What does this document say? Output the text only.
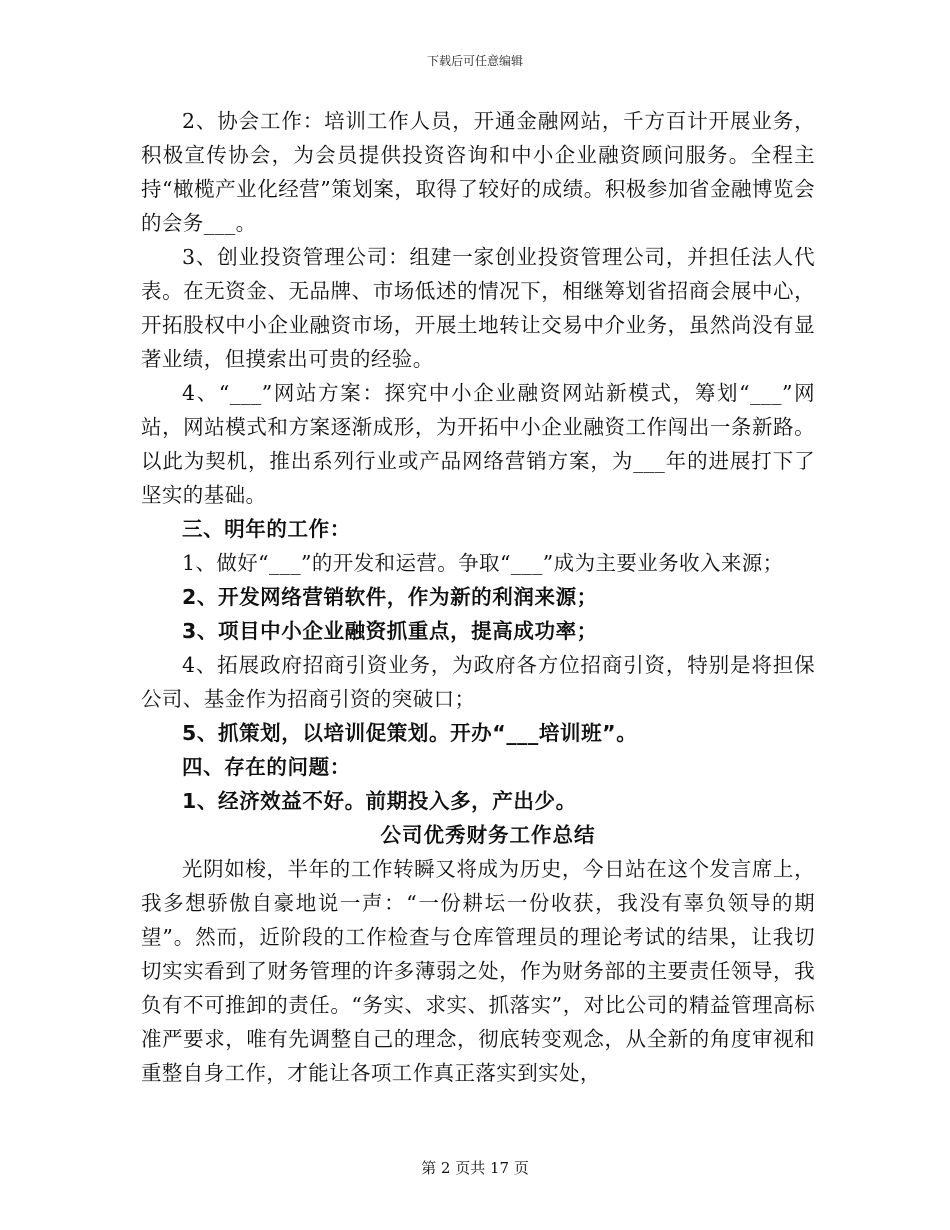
下载后可任意编辑

2、协会工作：培训工作人员，开通金融网站，千方百计开展业务，积极宣传协会，为会员提供投资咨询和中小企业融资顾问服务。全程主持“橄榄产业化经营”策划案，取得了较好的成绩。积极参加省金融博览会的会务___。

3、创业投资管理公司：组建一家创业投资管理公司，并担任法人代表。在无资金、无品牌、市场低述的情况下，相继筹划省招商会展中心，开拓股权中小企业融资市场，开展土地转让交易中介业务，虽然尚没有显著业绩，但摸索出可贵的经验。

4、“___”网站方案：探究中小企业融资网站新模式，筹划“___”网站，网站模式和方案逐渐成形，为开拓中小企业融资工作闯出一条新路。以此为契机，推出系列行业或产品网络营销方案，为___年的进展打下了坚实的基础。

三、明年的工作：

1、做好“___”的开发和运营。争取“___”成为主要业务收入来源；

2、开发网络营销软件，作为新的利润来源；

3、项目中小企业融资抓重点，提高成功率；

4、拓展政府招商引资业务，为政府各方位招商引资，特别是将担保公司、基金作为招商引资的突破口；

5、抓策划，以培训促策划。开办“___培训班”。

四、存在的问题：

1、经济效益不好。前期投入多，产出少。

公司优秀财务工作总结

光阴如梭，半年的工作转瞬又将成为历史，今日站在这个发言席上，我多想骄傲自豪地说一声：“一份耕坛一份收获，我没有辜负领导的期望”。然而，近阶段的工作检查与仓库管理员的理论考试的结果，让我切切实实看到了财务管理的许多薄弱之处，作为财务部的主要责任领导，我负有不可推卸的责任。“务实、求实、抓落实”，对比公司的精益管理高标准严要求，唯有先调整自己的理念，彻底转变观念，从全新的角度审视和重整自身工作，才能让各项工作真正落实到实处，

第 2 页共 17 页
